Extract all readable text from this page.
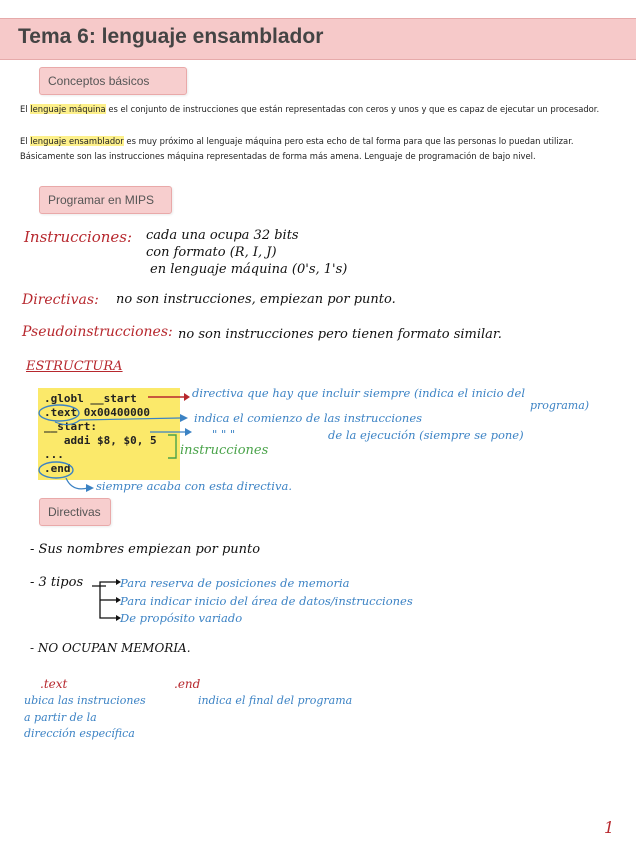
Tema 6: lenguaje ensamblador
Conceptos básicos
El lenguaje máquina es el conjunto de instrucciones que están representadas con ceros y unos y que es capaz de ejecutar un procesador.
El lenguaje ensamblador es muy próximo al lenguaje máquina pero esta echo de tal forma para que las personas lo puedan utilizar. Básicamente son las instrucciones máquina representadas de forma más amena. Lenguaje de programación de bajo nivel.
Programar en MIPS
Instrucciones: cada una ocupa 32 bits
con formato (R, I, J)
en lenguaje máquina (0's, 1's)
Directivas: no son instrucciones, empiezan por punto.
Pseudoinstrucciones: no son instrucciones pero tienen formato similar.
ESTRUCTURA
.globl __start
.text 0x00400000
__start:
addi $8, $0, 5
...
.end
directiva que hay que incluir siempre (indica el inicio del
programa)
indica el comienzo de las instrucciones
" " "	de la ejecución (siempre se pone)
instrucciones
siempre acaba con esta directiva.
Directivas
- Sus nombres empiezan por punto
- 3 tipos	Para reserva de posiciones de memoria
Para indicar inicio del área de datos/instrucciones
De propósito variado
- NO OCUPAN MEMORIA.
.text
ubica las instruciones
a partir de la
dirección específica
.end
indica el final del programa
1
